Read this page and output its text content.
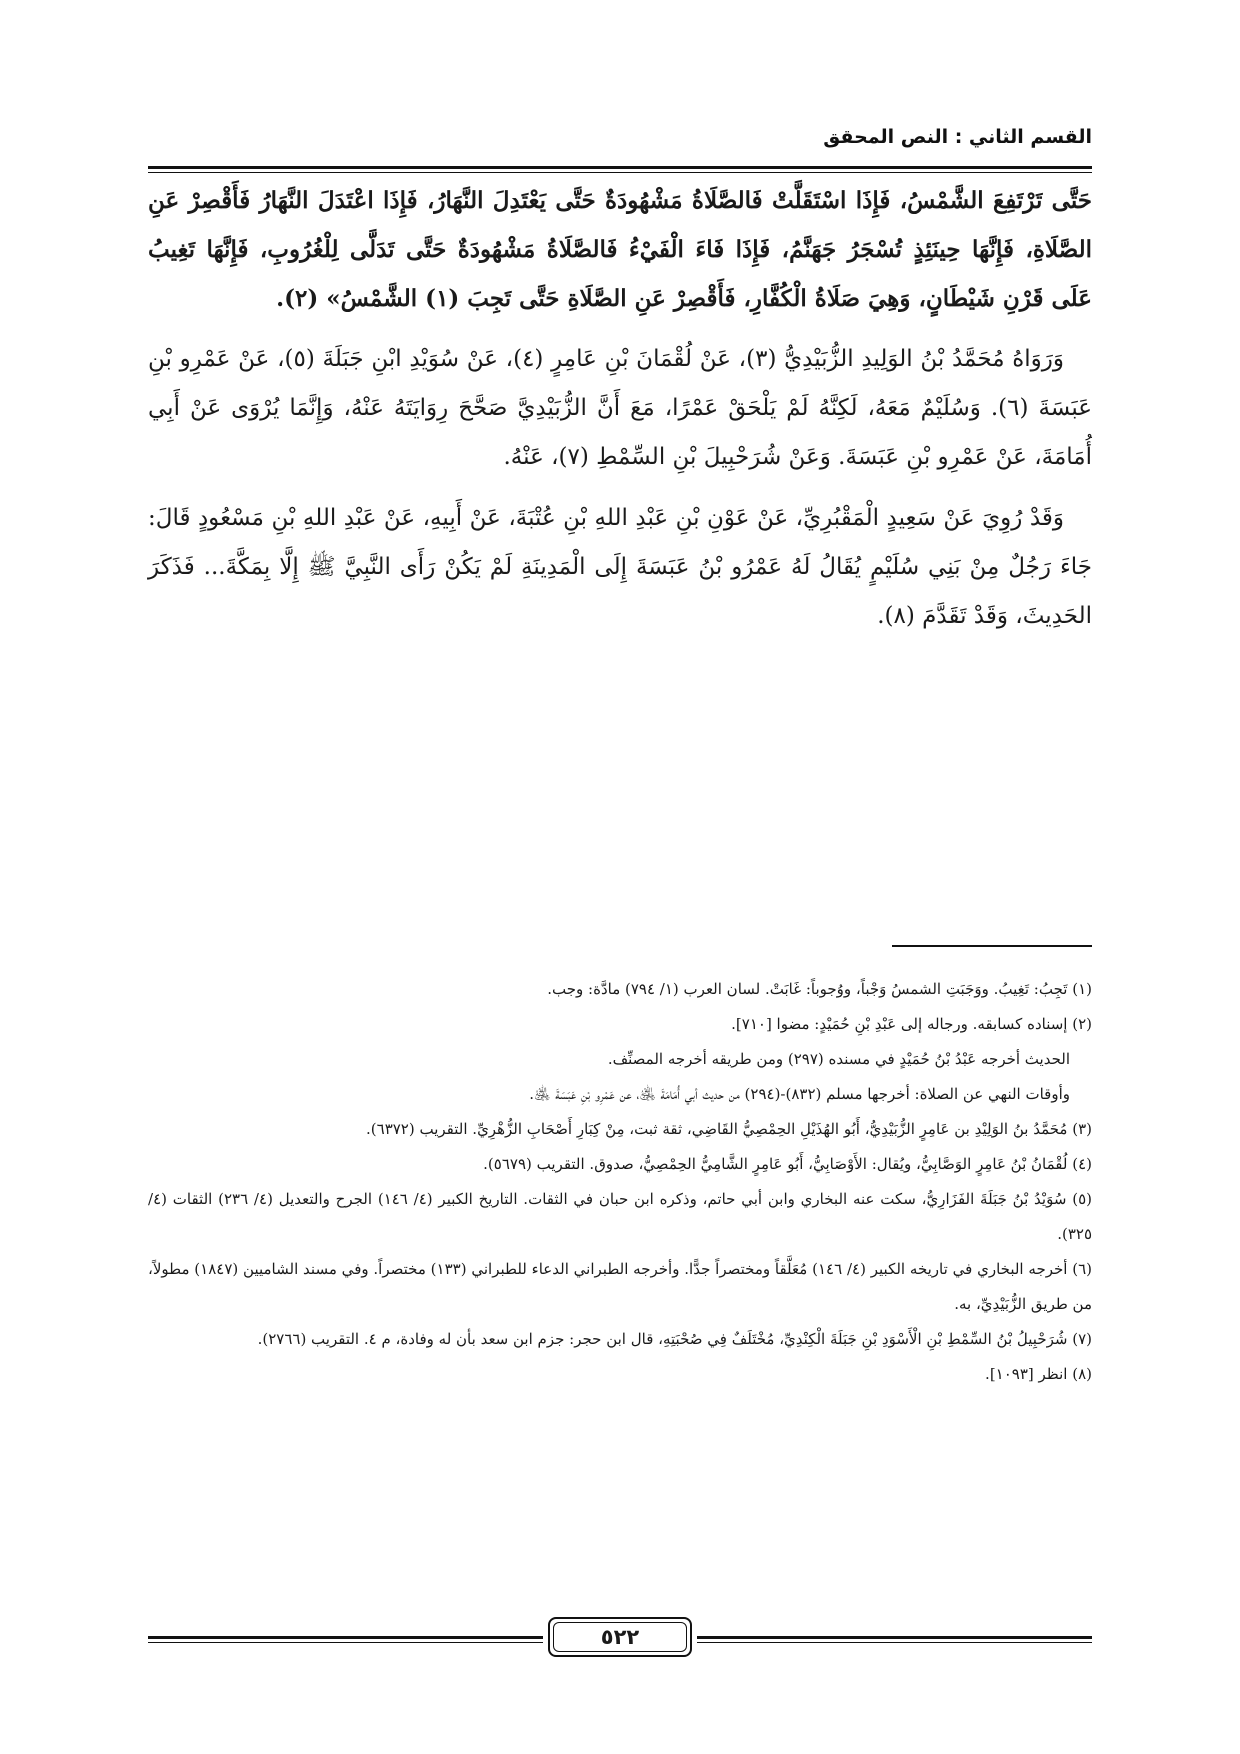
القسم الثاني : النص المحقق

حَتَّى تَرْتَفِعَ الشَّمْسُ، فَإِذَا اسْتَقَلَّتْ فَالصَّلَاةُ مَشْهُودَةٌ حَتَّى يَعْتَدِلَ النَّهَارُ، فَإِذَا اعْتَدَلَ النَّهَارُ فَأَقْصِرْ عَنِ الصَّلَاةِ، فَإِنَّهَا حِينَئِذٍ تُسْجَرُ جَهَنَّمُ، فَإِذَا فَاءَ الْفَيْءُ فَالصَّلَاةُ مَشْهُودَةٌ حَتَّى تَدَلَّى لِلْغُرُوبِ، فَإِنَّهَا تَغِيبُ عَلَى قَرْنِ شَيْطَانٍ، وَهِيَ صَلَاةُ الْكُفَّارِ، فَأَقْصِرْ عَنِ الصَّلَاةِ حَتَّى تَجِبَ (١) الشَّمْسُ» (٢).

وَرَوَاهُ مُحَمَّدُ بْنُ الوَلِيدِ الزُّبَيْدِيُّ (٣)، عَنْ لُقْمَانَ بْنِ عَامِرٍ (٤)، عَنْ سُوَيْدِ ابْنِ جَبَلَةَ (٥)، عَنْ عَمْرِو بْنِ عَبَسَةَ (٦). وَسُلَيْمٌ مَعَهُ، لَكِنَّهُ لَمْ يَلْحَقْ عَمْرًا، مَعَ أَنَّ الزُّبَيْدِيَّ صَحَّحَ رِوَايَتَهُ عَنْهُ، وَإِنَّمَا يُرْوَى عَنْ أَبِي أُمَامَةَ، عَنْ عَمْرِو بْنِ عَبَسَةَ. وَعَنْ شُرَحْبِيلَ بْنِ السِّمْطِ (٧)، عَنْهُ.

وَقَدْ رُوِيَ عَنْ سَعِيدٍ الْمَقْبُرِيِّ، عَنْ عَوْنِ بْنِ عَبْدِ اللهِ بْنِ عُتْبَةَ، عَنْ أَبِيهِ، عَنْ عَبْدِ اللهِ بْنِ مَسْعُودٍ قَالَ: جَاءَ رَجُلٌ مِنْ بَنِي سُلَيْمٍ يُقَالُ لَهُ عَمْرُو بْنُ عَبَسَةَ إِلَى الْمَدِينَةِ لَمْ يَكُنْ رَأَى النَّبِيَّ ﷺ إِلَّا بِمَكَّةَ... فَذَكَرَ الحَدِيثَ، وَقَدْ تَقَدَّمَ (٨).

(١) تَجِبُ: تَغِيبُ. ووَجَبَتِ الشمسُ وَجْباً، ووُجوباً: غَابَتْ. لسان العرب (١/ ٧٩٤) مادَّة: وجب.

(٢) إسناده كسابقه. ورجاله إلى عَبْدِ بْنِ حُمَيْدٍ: مضوا [٧١٠].

الحديث أخرجه عَبْدُ بْنُ حُمَيْدٍ في مسنده (٢٩٧) ومن طريقه أخرجه المصنِّف.

وأوقات النهي عن الصلاة: أخرجها مسلم (٨٣٢)-(٢٩٤) من حديث أبي أُمَامَةَ ﵁، عن عَمْرِو بْنِ عَبَسَةَ ﵁.

(٣) مُحَمَّدُ بنُ الوَلِيْدِ بن عَامِرٍ الزُّبَيْدِيُّ، أَبُو الهُذَيْلِ الحِمْصِيُّ القَاضِي، ثقة ثبت، مِنْ كِبَارِ أَصْحَابِ الزُّهْرِيِّ. التقريب (٦٣٧٢).

(٤) لُقْمَانُ بْنُ عَامِرٍ الوَصَّابِيُّ، ويُقال: الأَوْصَابِيُّ، أَبُو عَامِرٍ الشَّامِيُّ الحِمْصِيُّ، صدوق. التقريب (٥٦٧٩).

(٥) سُوَيْدُ بْنُ جَبَلَةَ الفَزَارِيُّ، سكت عنه البخاري وابن أبي حاتم، وذكره ابن حبان في الثقات. التاريخ الكبير (٤/ ١٤٦) الجرح والتعديل (٤/ ٢٣٦) الثقات (٤/ ٣٢٥).

(٦) أخرجه البخاري في تاريخه الكبير (٤/ ١٤٦) مُعَلَّقاً ومختصراً جدًّا. وأخرجه الطبراني الدعاء للطبراني (١٣٣) مختصراً. وفي مسند الشاميين (١٨٤٧) مطولاً، من طريق الزُّبَيْدِيِّ، به.

(٧) شُرَحْبِيلُ بْنُ السِّمْطِ بْنِ الْأَسْوَدِ بْنِ جَبَلَةَ الْكِنْدِيِّ، مُخْتَلَفٌ فِي صُحْبَتِهِ، قال ابن حجر: جزم ابن سعد بأن له وفادة، م ٤. التقريب (٢٧٦٦).

(٨) انظر [١٠٩٣].

٥٢٢
